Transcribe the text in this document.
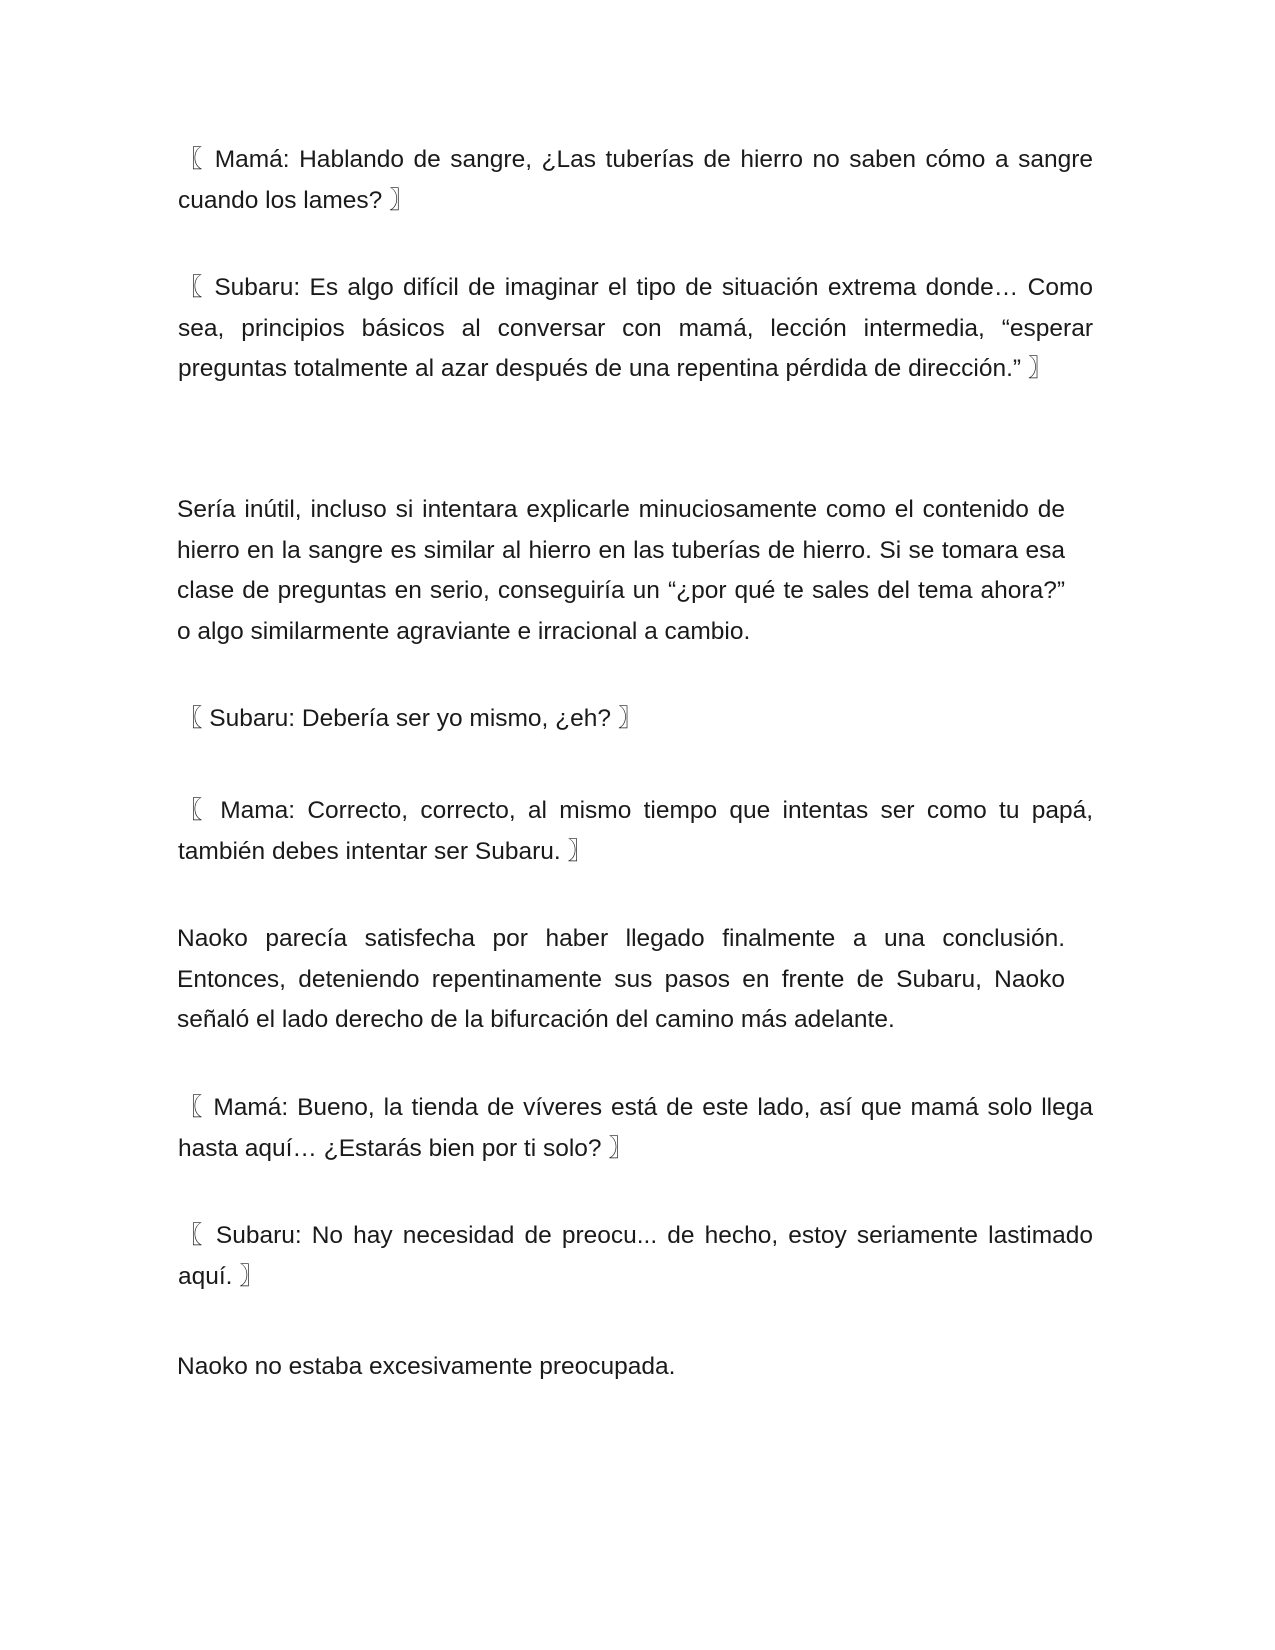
〖 Mamá: Hablando de sangre, ¿Las tuberías de hierro no saben cómo a sangre cuando los lames? 〗

〖 Subaru: Es algo difícil de imaginar el tipo de situación extrema donde… Como sea, principios básicos al conversar con mamá, lección intermedia, “esperar preguntas totalmente al azar después de una repentina pérdida de dirección.” 〗

Sería inútil, incluso si intentara explicarle minuciosamente como el contenido de hierro en la sangre es similar al hierro en las tuberías de hierro. Si se tomara esa clase de preguntas en serio, conseguiría un “¿por qué te sales del tema ahora?” o algo similarmente agraviante e irracional a cambio.

〖 Subaru: Debería ser yo mismo, ¿eh? 〗

〖 Mama: Correcto, correcto, al mismo tiempo que intentas ser como tu papá, también debes intentar ser Subaru. 〗

Naoko parecía satisfecha por haber llegado finalmente a una conclusión. Entonces, deteniendo repentinamente sus pasos en frente de Subaru, Naoko señaló el lado derecho de la bifurcación del camino más adelante.

〖 Mamá: Bueno, la tienda de víveres está de este lado, así que mamá solo llega hasta aquí… ¿Estarás bien por ti solo? 〗

〖 Subaru: No hay necesidad de preocu... de hecho, estoy seriamente lastimado aquí. 〗

Naoko no estaba excesivamente preocupada.
